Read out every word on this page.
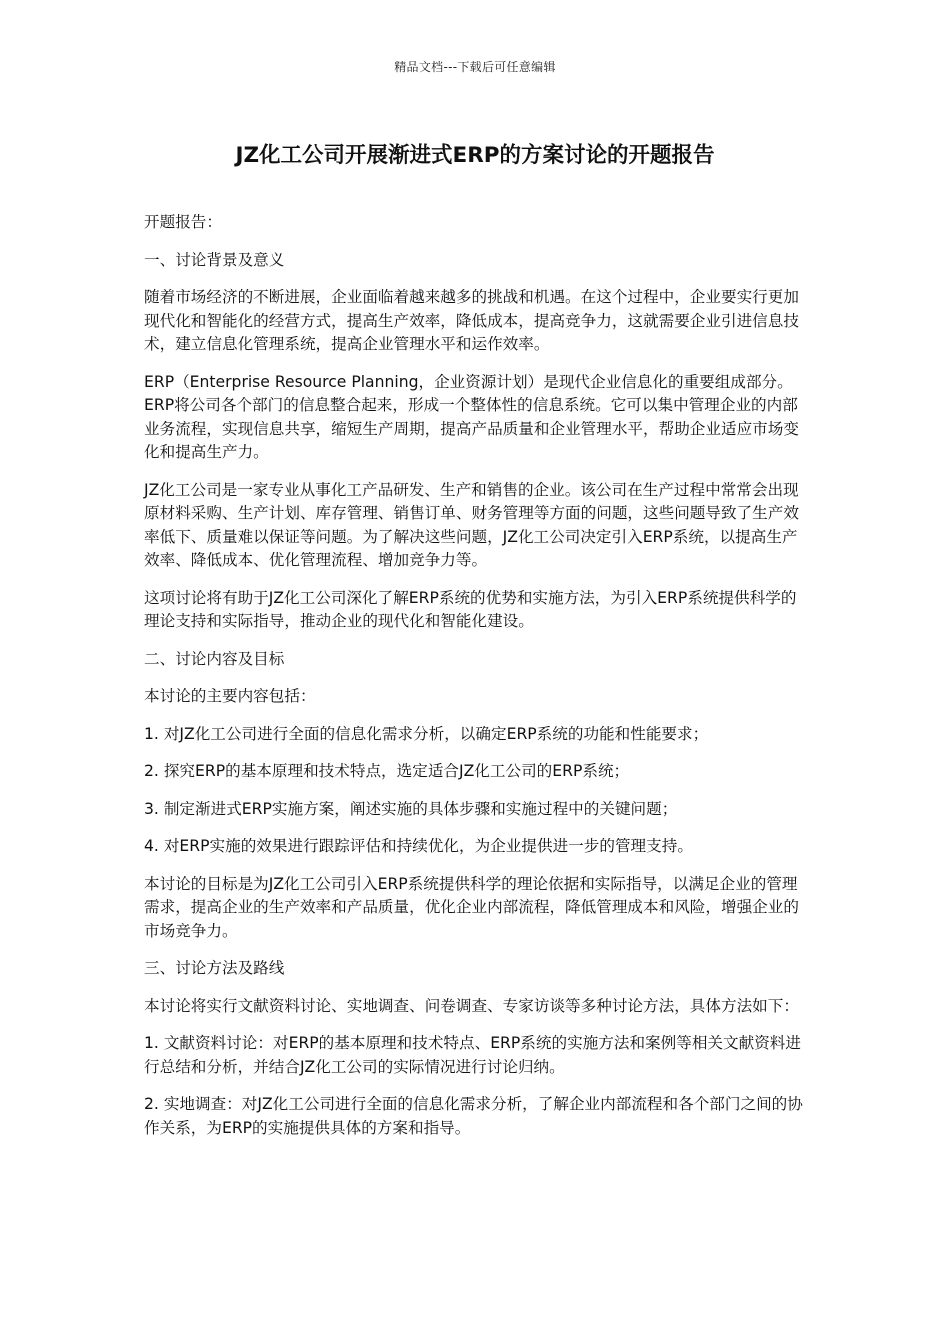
精品文档---下载后可任意编辑
JZ化工公司开展渐进式ERP的方案讨论的开题报告

开题报告：

一、讨论背景及意义

随着市场经济的不断进展，企业面临着越来越多的挑战和机遇。在这个过程中，企业要实行更加现代化和智能化的经营方式，提高生产效率，降低成本，提高竞争力，这就需要企业引进信息技术，建立信息化管理系统，提高企业管理水平和运作效率。

ERP（Enterprise Resource Planning，企业资源计划）是现代企业信息化的重要组成部分。ERP将公司各个部门的信息整合起来，形成一个整体性的信息系统。它可以集中管理企业的内部业务流程，实现信息共享，缩短生产周期，提高产品质量和企业管理水平，帮助企业适应市场变化和提高生产力。

JZ化工公司是一家专业从事化工产品研发、生产和销售的企业。该公司在生产过程中常常会出现原材料采购、生产计划、库存管理、销售订单、财务管理等方面的问题，这些问题导致了生产效率低下、质量难以保证等问题。为了解决这些问题，JZ化工公司决定引入ERP系统，以提高生产效率、降低成本、优化管理流程、增加竞争力等。

这项讨论将有助于JZ化工公司深化了解ERP系统的优势和实施方法，为引入ERP系统提供科学的理论支持和实际指导，推动企业的现代化和智能化建设。

二、讨论内容及目标

本讨论的主要内容包括：

1. 对JZ化工公司进行全面的信息化需求分析，以确定ERP系统的功能和性能要求；

2. 探究ERP的基本原理和技术特点，选定适合JZ化工公司的ERP系统；

3. 制定渐进式ERP实施方案，阐述实施的具体步骤和实施过程中的关键问题；

4. 对ERP实施的效果进行跟踪评估和持续优化，为企业提供进一步的管理支持。

本讨论的目标是为JZ化工公司引入ERP系统提供科学的理论依据和实际指导，以满足企业的管理需求，提高企业的生产效率和产品质量，优化企业内部流程，降低管理成本和风险，增强企业的市场竞争力。

三、讨论方法及路线

本讨论将实行文献资料讨论、实地调查、问卷调查、专家访谈等多种讨论方法，具体方法如下：

1. 文献资料讨论：对ERP的基本原理和技术特点、ERP系统的实施方法和案例等相关文献资料进行总结和分析，并结合JZ化工公司的实际情况进行讨论归纳。

2. 实地调查：对JZ化工公司进行全面的信息化需求分析，了解企业内部流程和各个部门之间的协作关系，为ERP的实施提供具体的方案和指导。
